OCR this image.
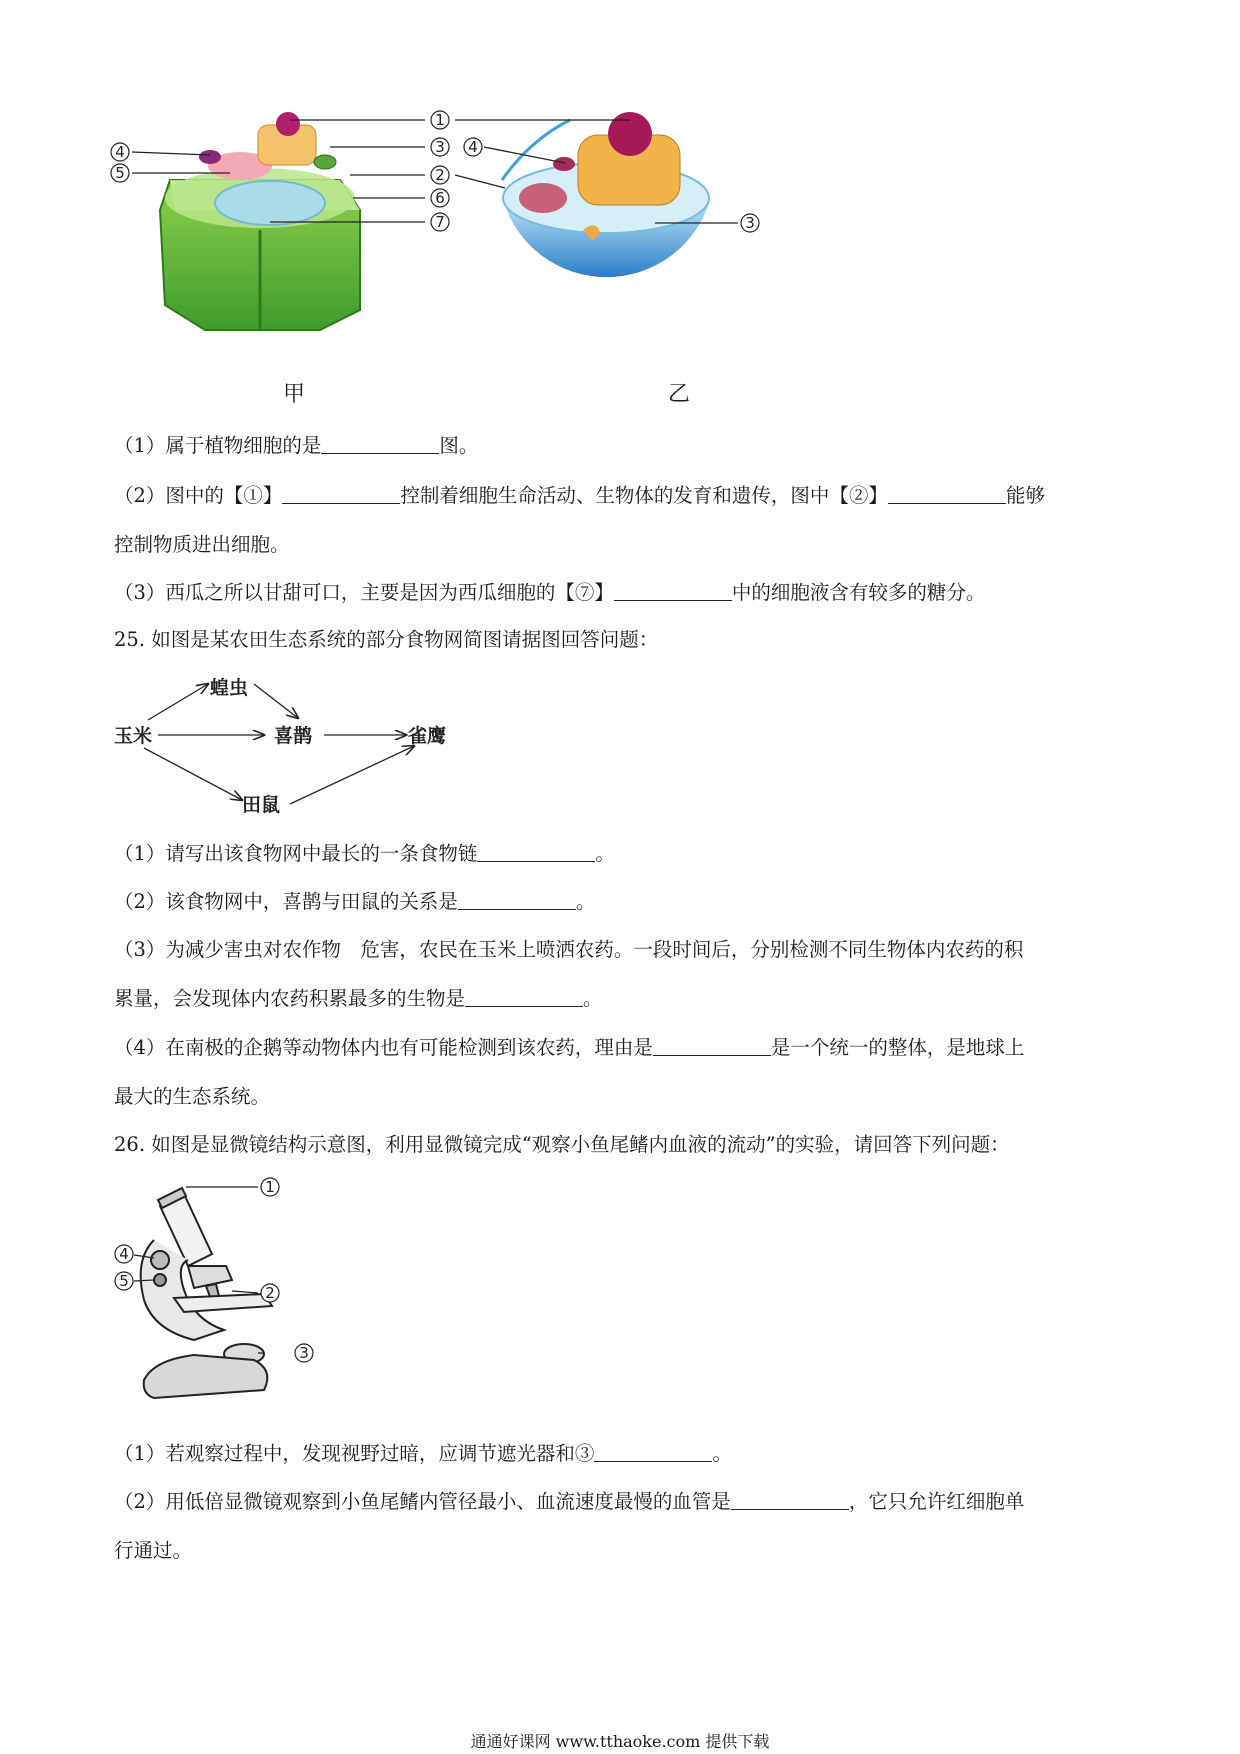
1
3
2
6
7
4
5
4
3
甲	乙
（1）属于植物细胞的是	图。
（2）图中的【①】	控制着细胞生命活动、生物体的发育和遗传，图中【②】	能够
控制物质进出细胞。
（3）西瓜之所以甘甜可口，主要是因为西瓜细胞的【⑦】	中的细胞液含有较多的糖分。
25. 如图是某农田生态系统的部分食物网简图请据图回答问题：
蝗虫
玉米	喜鹊	雀鹰
田鼠
（1）请写出该食物网中最长的一条食物链	。
（2）该食物网中，喜鹊与田鼠的关系是	。
（3）为减少害虫对农作物　危害，农民在玉米上喷洒农药。一段时间后，分别检测不同生物体内农药的积
累量，会发现体内农药积累最多的生物是	。
（4）在南极的企鹅等动物体内也有可能检测到该农药，理由是	是一个统一的整体，是地球上
最大的生态系统。
26. 如图是显微镜结构示意图，利用显微镜完成“观察小鱼尾鳍内血液的流动”的实验，请回答下列问题：
1
4
5
2
3
（1）若观察过程中，发现视野过暗，应调节遮光器和③	。
（2）用低倍显微镜观察到小鱼尾鳍内管径最小、血流速度最慢的血管是	，它只允许红细胞单
行通过。
通通好课网 www.tthaoke.com 提供下载
